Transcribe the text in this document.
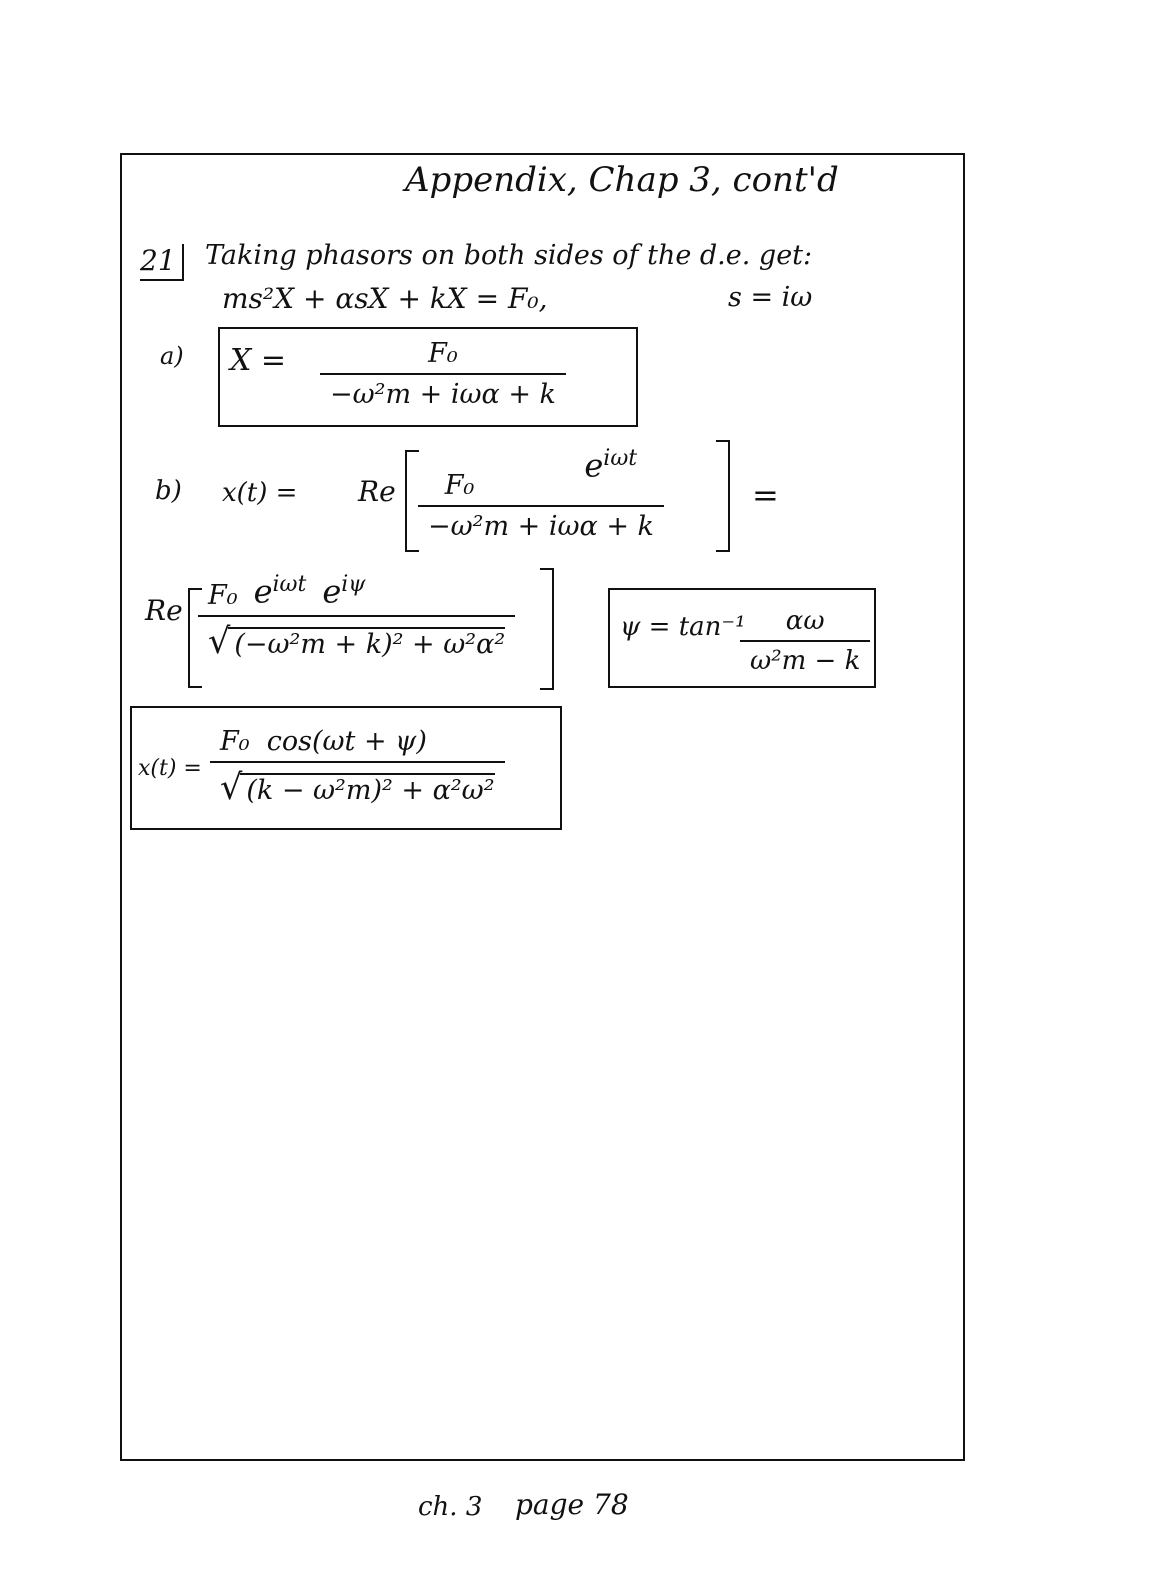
Appendix, Chap 3, cont'd
21 Taking phasors on both sides of the d.e. get:
ms²X + αsX + kX = F₀,	s = iω
a) X =	F₀
−ω²m + iωα + k
b) x(t) = Re F₀
$e^{i\omega t}$
−ω²m + iωα + k
=
Re F₀ $e^{i\omega t}$ $e^{i\psi}$
√ (−ω²m + k)² + ω²α²
ψ = tan⁻¹	αω
ω²m − k
x(t) =
F₀  cos(ωt + ψ)
√ (k − ω²m)² + α²ω²
ch. 3 page 78
